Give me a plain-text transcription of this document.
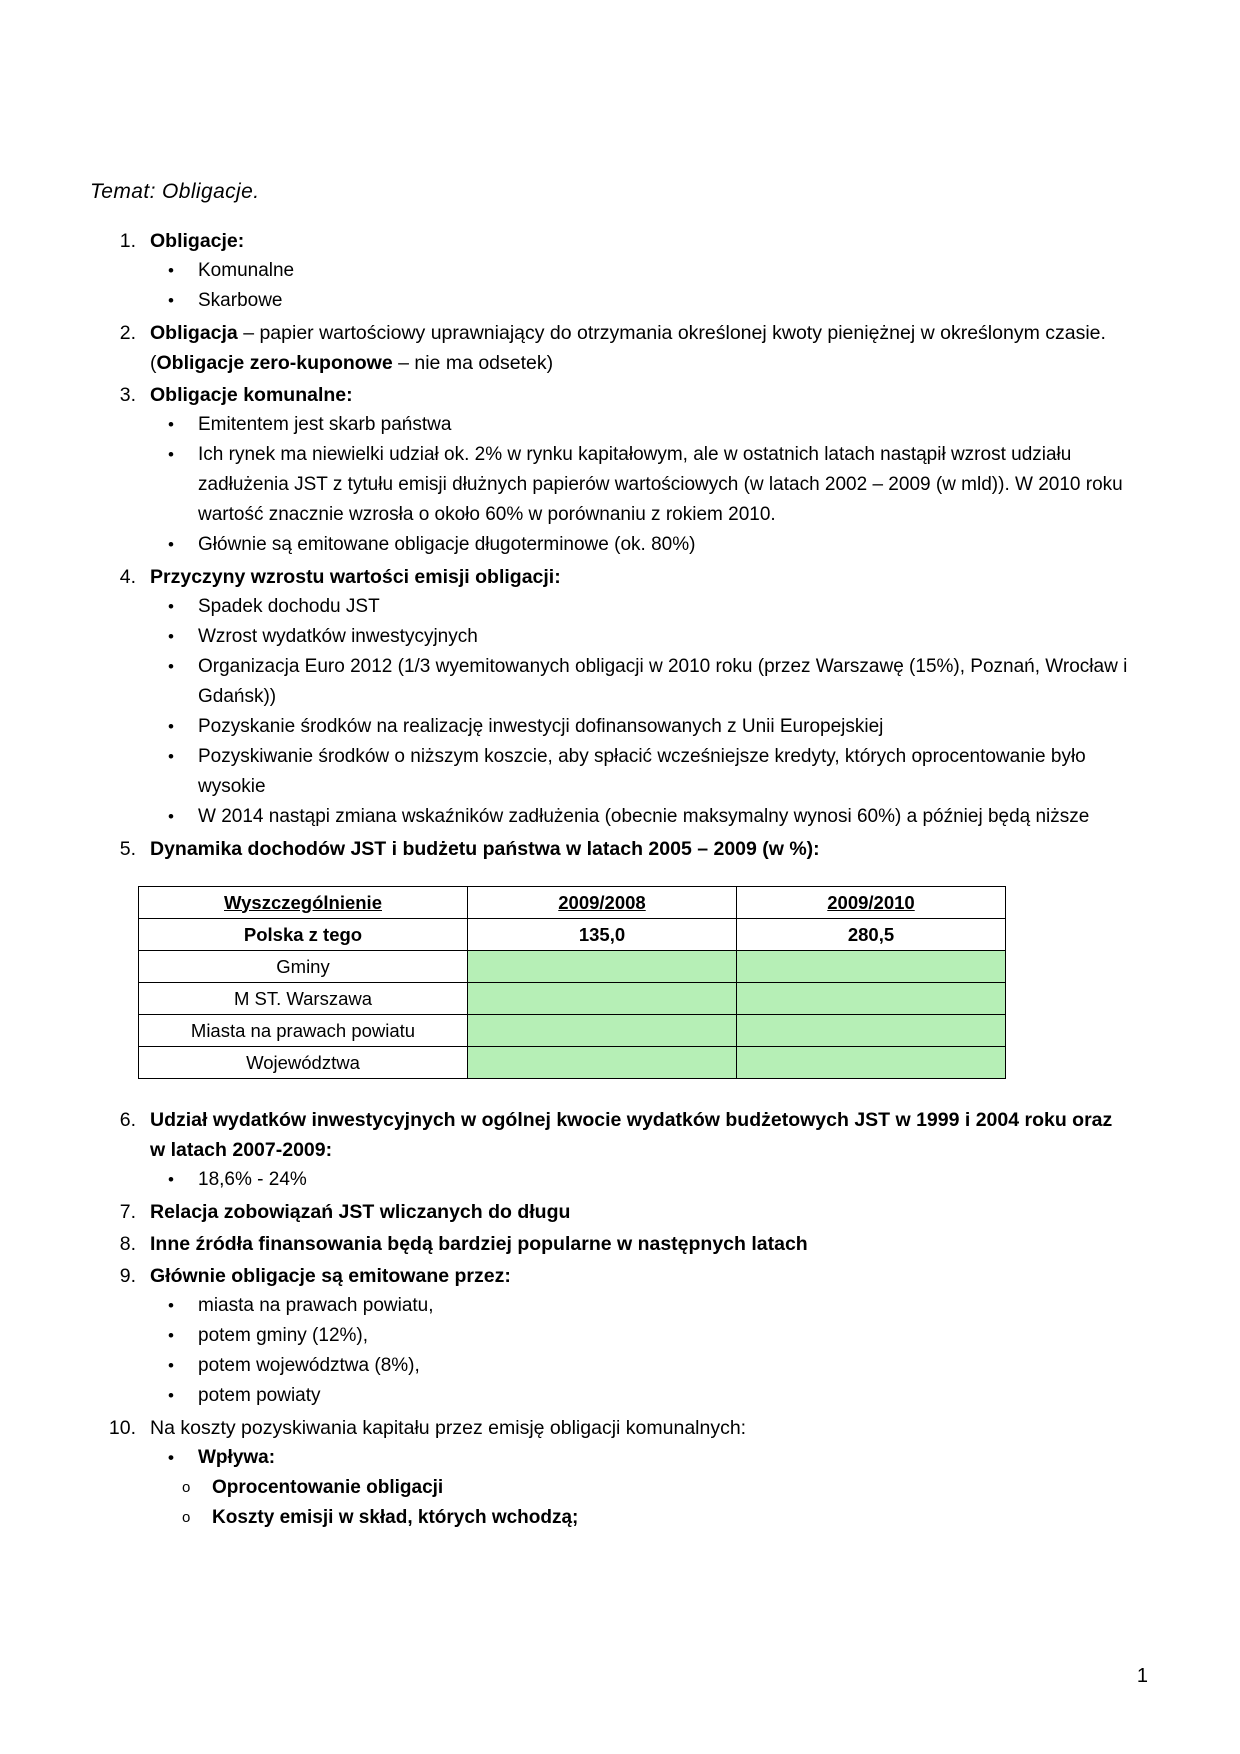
Temat: Obligacje.
Obligacje:
• Komunalne
• Skarbowe
Obligacja – papier wartościowy uprawniający do otrzymania określonej kwoty pieniężnej w określonym czasie. (Obligacje zero-kuponowe – nie ma odsetek)
Obligacje komunalne:
• Emitentem jest skarb państwa
• Ich rynek ma niewielki udział ok. 2% w rynku kapitałowym, ale w ostatnich latach nastąpił wzrost udziału zadłużenia JST z tytułu emisji dłużnych papierów wartościowych (w latach 2002 – 2009 (w mld)). W 2010 roku wartość znacznie wzrosła o około 60% w porównaniu z rokiem 2010.
• Głównie są emitowane obligacje długoterminowe (ok. 80%)
Przyczyny wzrostu wartości emisji obligacji:
• Spadek dochodu JST
• Wzrost wydatków inwestycyjnych
• Organizacja Euro 2012 (1/3 wyemitowanych obligacji w 2010 roku (przez Warszawę (15%), Poznań, Wrocław i Gdańsk))
• Pozyskanie środków na realizację inwestycji dofinansowanych z Unii Europejskiej
• Pozyskiwanie środków o niższym koszcie, aby spłacić wcześniejsze kredyty, których oprocentowanie było wysokie
• W 2014 nastąpi zmiana wskaźników zadłużenia (obecnie maksymalny wynosi 60%) a później będą niższe
Dynamika dochodów JST i budżetu państwa w latach 2005 – 2009 (w %):
Wyszczególnienie	2009/2008	2009/2010
Polska z tego	135,0	280,5
Gminy		
M ST. Warszawa		
Miasta na prawach powiatu		
Województwa		
Udział wydatków inwestycyjnych w ogólnej kwocie wydatków budżetowych JST w 1999 i 2004 roku oraz w latach 2007-2009:
• 18,6% - 24%
Relacja zobowiązań JST wliczanych do długu
Inne źródła finansowania będą bardziej popularne w następnych latach
Głównie obligacje są emitowane przez:
• miasta na prawach powiatu,
• potem gminy (12%),
• potem województwa (8%),
• potem powiaty
Na koszty pozyskiwania kapitału przez emisję obligacji komunalnych:
• Wpływa:
o Oprocentowanie obligacji
o Koszty emisji w skład, których wchodzą;
1
